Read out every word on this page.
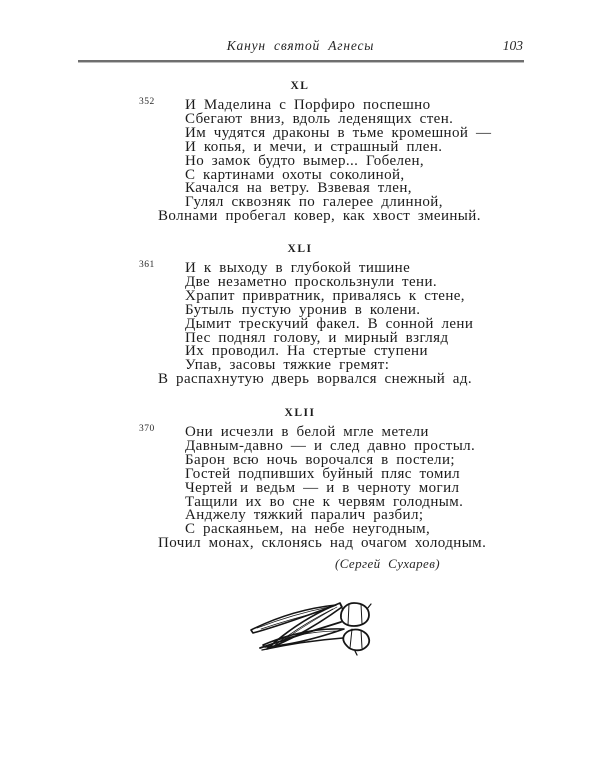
Канун святой Агнесы	103
XL
352 И Маделина с Порфиро поспешно
Сбегают вниз, вдоль леденящих стен.
Им чудятся драконы в тьме кромешной —
И копья, и мечи, и страшный плен.
Но замок будто вымер... Гобелен,
С картинами охоты соколиной,
Качался на ветру. Взвевая тлен,
Гулял сквозняк по галерее длинной,
Волнами пробегал ковер, как хвост змеиный.
XLI
361 И к выходу в глубокой тишине
Две незаметно проскользнули тени.
Храпит привратник, привалясь к стене,
Бутыль пустую уронив в колени.
Дымит трескучий факел. В сонной лени
Пес поднял голову, и мирный взгляд
Их проводил. На стертые ступени
Упав, засовы тяжкие гремят:
В распахнутую дверь ворвался снежный ад.
XLII
370 Они исчезли в белой мгле метели
Давным-давно — и след давно простыл.
Барон всю ночь ворочался в постели;
Гостей подпивших буйный пляс томил
Чертей и ведьм — и в черноту могил
Тащили их во сне к червям голодным.
Анджелу тяжкий паралич разбил;
С раскаяньем, на небе неугодным,
Почил монах, склонясь над очагом холодным.
(Сергей Сухарев)
